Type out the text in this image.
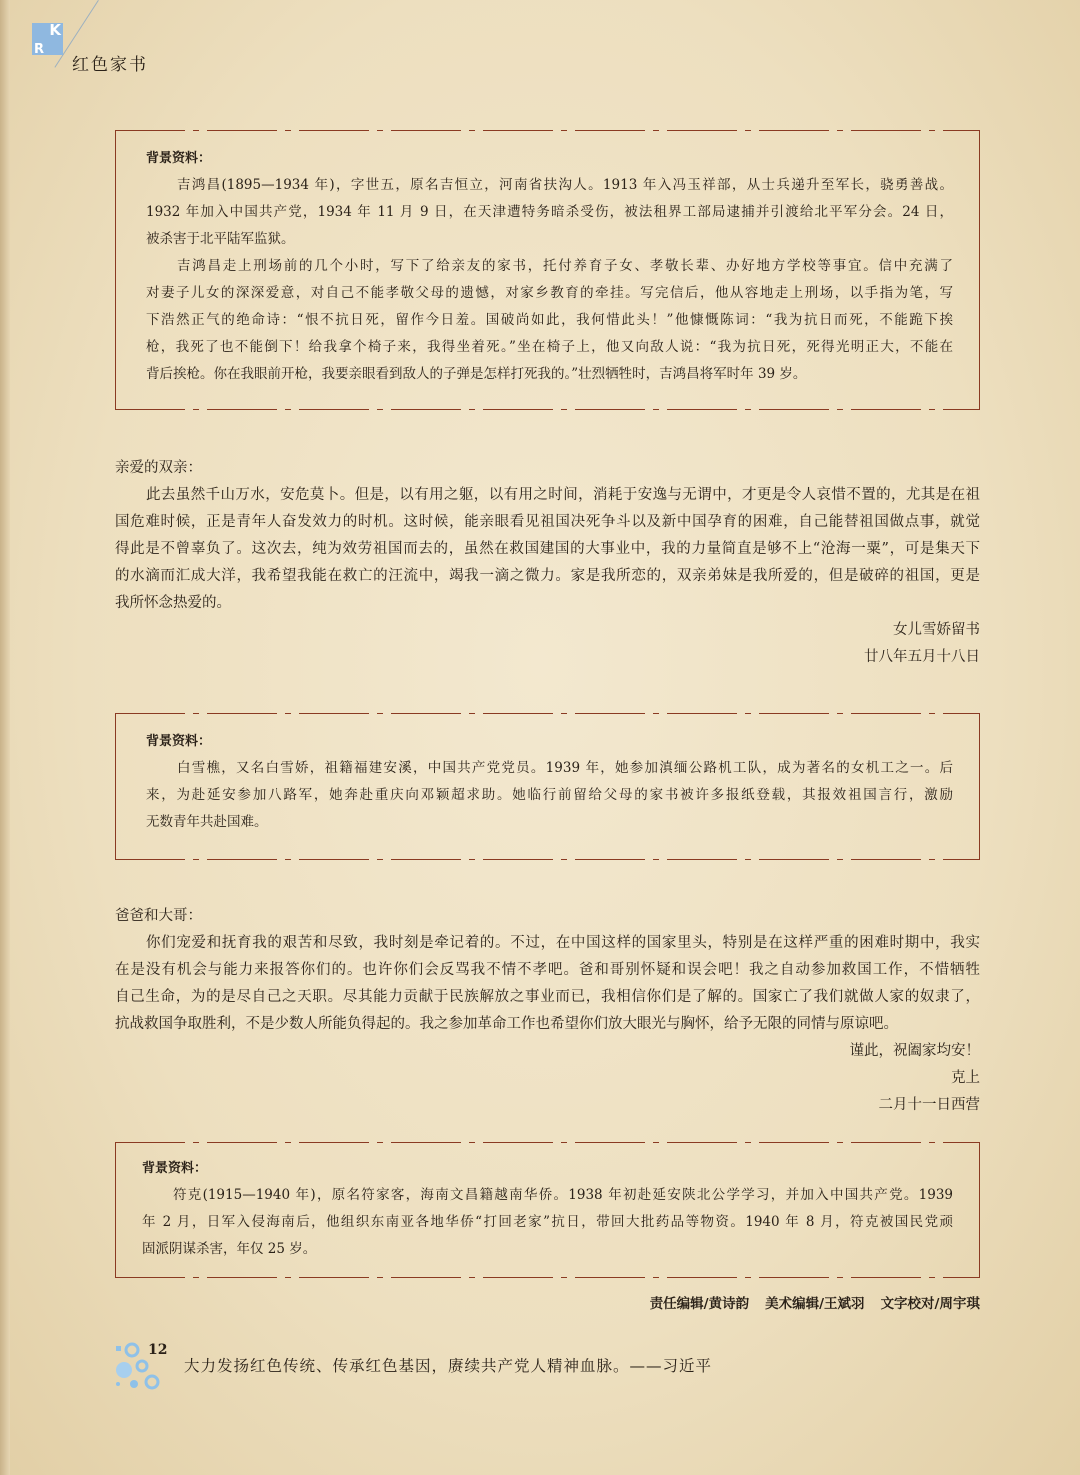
K
R
红色家书
背景资料：
吉鸿昌(1895—1934 年)，字世五，原名吉恒立，河南省扶沟人。1913 年入冯玉祥部，从士兵递升至军长，骁勇善战。
1932 年加入中国共产党，1934 年 11 月 9 日，在天津遭特务暗杀受伤，被法租界工部局逮捕并引渡给北平军分会。24 日，
被杀害于北平陆军监狱。
吉鸿昌走上刑场前的几个小时，写下了给亲友的家书，托付养育子女、孝敬长辈、办好地方学校等事宜。信中充满了
对妻子儿女的深深爱意，对自己不能孝敬父母的遗憾，对家乡教育的牵挂。写完信后，他从容地走上刑场，以手指为笔，写
下浩然正气的绝命诗：“恨不抗日死，留作今日羞。国破尚如此，我何惜此头！”他慷慨陈词：“我为抗日而死，不能跪下挨
枪，我死了也不能倒下！给我拿个椅子来，我得坐着死。”坐在椅子上，他又向敌人说：“我为抗日死，死得光明正大，不能在
背后挨枪。你在我眼前开枪，我要亲眼看到敌人的子弹是怎样打死我的。”壮烈牺牲时，吉鸿昌将军时年 39 岁。
亲爱的双亲：
此去虽然千山万水，安危莫卜。但是，以有用之躯，以有用之时间，消耗于安逸与无谓中，才更是令人哀惜不置的，尤其是在祖
国危难时候，正是青年人奋发效力的时机。这时候，能亲眼看见祖国决死争斗以及新中国孕育的困难，自己能替祖国做点事，就觉
得此是不曾辜负了。这次去，纯为效劳祖国而去的，虽然在救国建国的大事业中，我的力量简直是够不上“沧海一粟”，可是集天下
的水滴而汇成大洋，我希望我能在救亡的汪流中，竭我一滴之微力。家是我所恋的，双亲弟妹是我所爱的，但是破碎的祖国，更是
我所怀念热爱的。
女儿雪娇留书
廿八年五月十八日
背景资料：
白雪樵，又名白雪娇，祖籍福建安溪，中国共产党党员。1939 年，她参加滇缅公路机工队，成为著名的女机工之一。后
来，为赴延安参加八路军，她奔赴重庆向邓颖超求助。她临行前留给父母的家书被许多报纸登载，其报效祖国言行，激励
无数青年共赴国难。
爸爸和大哥：
你们宠爱和抚育我的艰苦和尽致，我时刻是牵记着的。不过，在中国这样的国家里头，特别是在这样严重的困难时期中，我实
在是没有机会与能力来报答你们的。也许你们会反骂我不情不孝吧。爸和哥别怀疑和误会吧！我之自动参加救国工作，不惜牺牲
自己生命，为的是尽自己之天职。尽其能力贡献于民族解放之事业而已，我相信你们是了解的。国家亡了我们就做人家的奴隶了，
抗战救国争取胜利，不是少数人所能负得起的。我之参加革命工作也希望你们放大眼光与胸怀，给予无限的同情与原谅吧。
谨此，祝阖家均安！
克上
二月十一日西营
背景资料：
符克(1915—1940 年)，原名符家客，海南文昌籍越南华侨。1938 年初赴延安陕北公学学习，并加入中国共产党。1939
年 2 月，日军入侵海南后，他组织东南亚各地华侨“打回老家”抗日，带回大批药品等物资。1940 年 8 月，符克被国民党顽
固派阴谋杀害，年仅 25 岁。
责任编辑/黄诗韵 美术编辑/王斌羽 文字校对/周宇琪
12
大力发扬红色传统、传承红色基因，赓续共产党人精神血脉。——习近平
